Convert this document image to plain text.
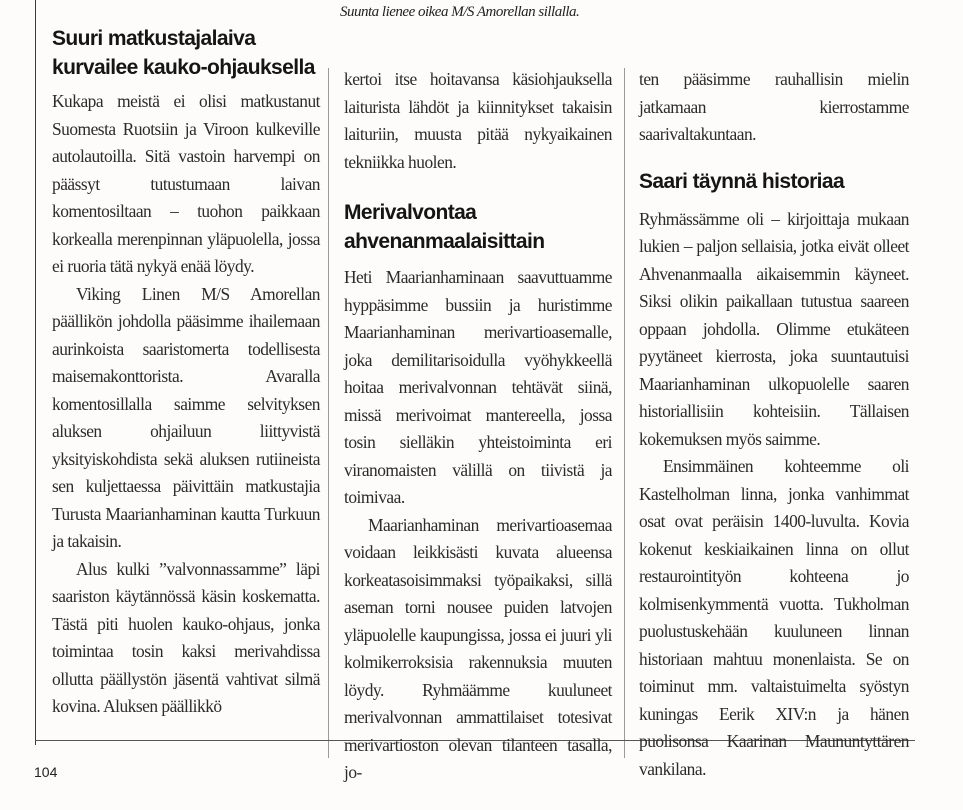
Suunta lienee oikea M/S Amorellan sillalla.
Suuri matkustajalaiva kurvailee kauko-ohjauksella

Kukapa meistä ei olisi matkustanut Suomesta Ruotsiin ja Viroon kulkeville autolautoilla. Sitä vastoin harvempi on päässyt tutustumaan laivan komentosiltaan – tuohon paikkaan korkealla merenpinnan yläpuolella, jossa ei ruoria tätä nykyä enää löydy.

Viking Linen M/S Amorellan päällikön johdolla pääsimme ihailemaan aurinkoista saaristomerta todellisesta maisemakonttorista. Avaralla komentosillalla saimme selvityksen aluksen ohjailuun liittyvistä yksityiskohdista sekä aluksen rutiineista sen kuljettaessa päivittäin matkustajia Turusta Maarianhaminan kautta Turkuun ja takaisin.

Alus kulki ”valvonnassamme” läpi saariston käytännössä käsin koskematta. Tästä piti huolen kauko-ohjaus, jonka toimintaa tosin kaksi merivahdissa ollutta päällystön jäsentä vahtivat silmä kovina. Aluksen päällikkö

kertoi itse hoitavansa käsiohjauksella laiturista lähdöt ja kiinnitykset takaisin laituriin, muusta pitää nykyaikainen tekniikka huolen.

Merivalvontaa ahvenanmaalaisittain

Heti Maarianhaminaan saavuttuamme hyppäsimme bussiin ja huristimme Maarianhaminan merivartioasemalle, joka demilitarisoidulla vyöhykkeellä hoitaa merivalvonnan tehtävät siinä, missä merivoimat mantereella, jossa tosin sielläkin yhteistoiminta eri viranomaisten välillä on tiivistä ja toimivaa.

Maarianhaminan merivartioasemaa voidaan leikkisästi kuvata alueensa korkeatasoisimmaksi työpaikaksi, sillä aseman torni nousee puiden latvojen yläpuolelle kaupungissa, jossa ei juuri yli kolmikerroksisia rakennuksia muuten löydy. Ryhmäämme kuuluneet merivalvonnan ammattilaiset totesivat merivartioston olevan tilanteen tasalla, jo-

ten pääsimme rauhallisin mielin jatkamaan kierrostamme saarivaltakuntaan.

Saari täynnä historiaa

Ryhmässämme oli – kirjoittaja mukaan lukien – paljon sellaisia, jotka eivät olleet Ahvenanmaalla aikaisemmin käyneet. Siksi olikin paikallaan tutustua saareen oppaan johdolla. Olimme etukäteen pyytäneet kierrosta, joka suuntautuisi Maarianhaminan ulkopuolelle saaren historiallisiin kohteisiin. Tällaisen kokemuksen myös saimme.

Ensimmäinen kohteemme oli Kastelholman linna, jonka vanhimmat osat ovat peräisin 1400-luvulta. Kovia kokenut keskiaikainen linna on ollut restaurointityön kohteena jo kolmisenkymmentä vuotta. Tukholman puolustuskehään kuuluneen linnan historiaan mahtuu monenlaista. Se on toiminut mm. valtaistuimelta syöstyn kuningas Eerik XIV:n ja hänen puolisonsa Kaarinan Maununtyttären vankilana.

104
